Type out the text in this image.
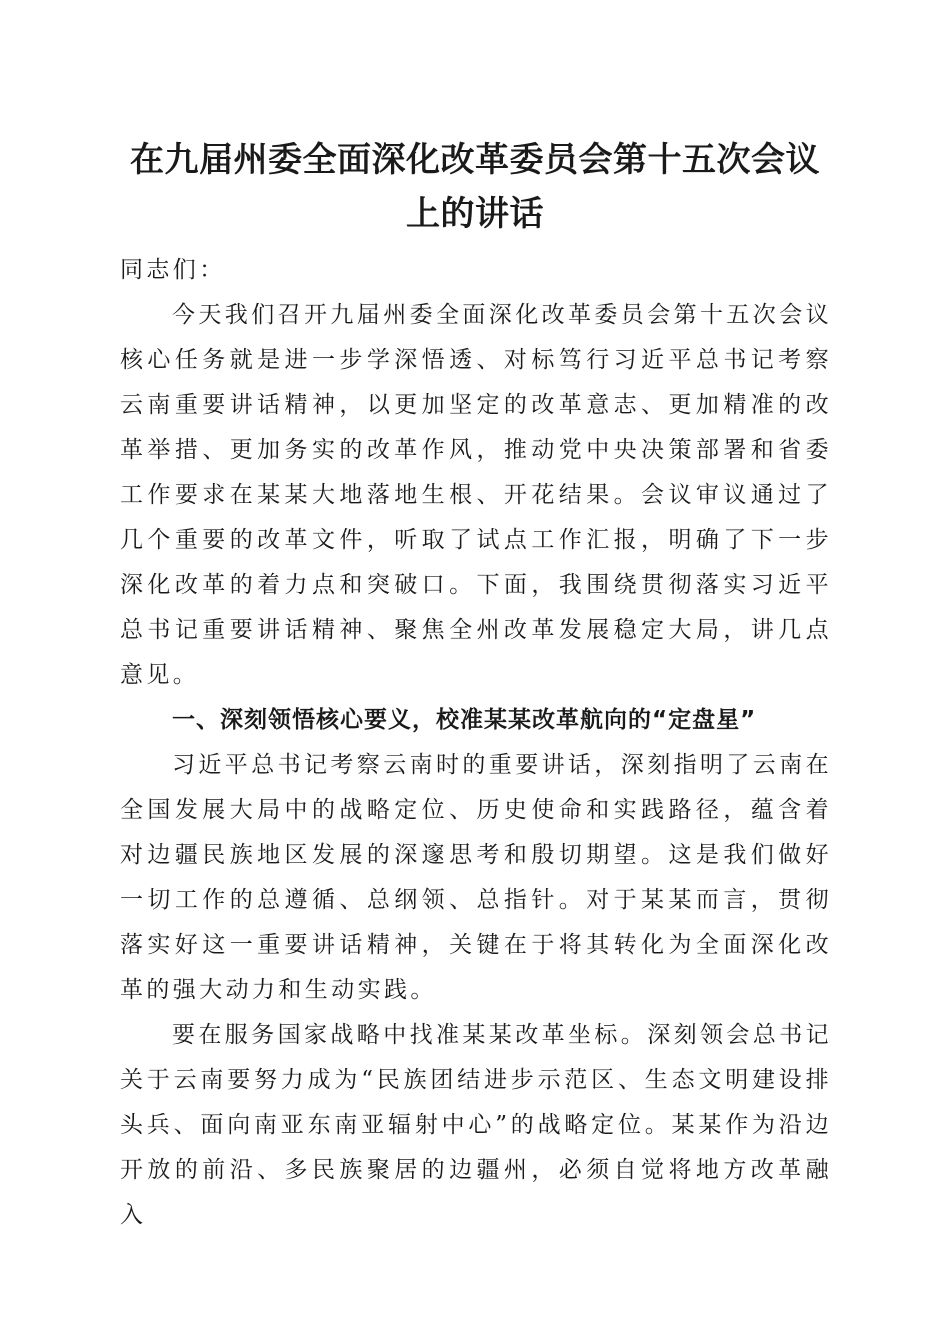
在九届州委全面深化改革委员会第十五次会议
上的讲话

同志们：

今天我们召开九届州委全面深化改革委员会第十五次会议核心任务就是进一步学深悟透、对标笃行习近平总书记考察云南重要讲话精神，以更加坚定的改革意志、更加精准的改革举措、更加务实的改革作风，推动党中央决策部署和省委工作要求在某某大地落地生根、开花结果。会议审议通过了几个重要的改革文件，听取了试点工作汇报，明确了下一步深化改革的着力点和突破口。下面，我围绕贯彻落实习近平总书记重要讲话精神、聚焦全州改革发展稳定大局，讲几点意见。

一、深刻领悟核心要义，校准某某改革航向的“定盘星”

习近平总书记考察云南时的重要讲话，深刻指明了云南在全国发展大局中的战略定位、历史使命和实践路径，蕴含着对边疆民族地区发展的深邃思考和殷切期望。这是我们做好一切工作的总遵循、总纲领、总指针。对于某某而言，贯彻落实好这一重要讲话精神，关键在于将其转化为全面深化改革的强大动力和生动实践。

要在服务国家战略中找准某某改革坐标。深刻领会总书记关于云南要努力成为“民族团结进步示范区、生态文明建设排头兵、面向南亚东南亚辐射中心”的战略定位。某某作为沿边开放的前沿、多民族聚居的边疆州，必须自觉将地方改革融入
